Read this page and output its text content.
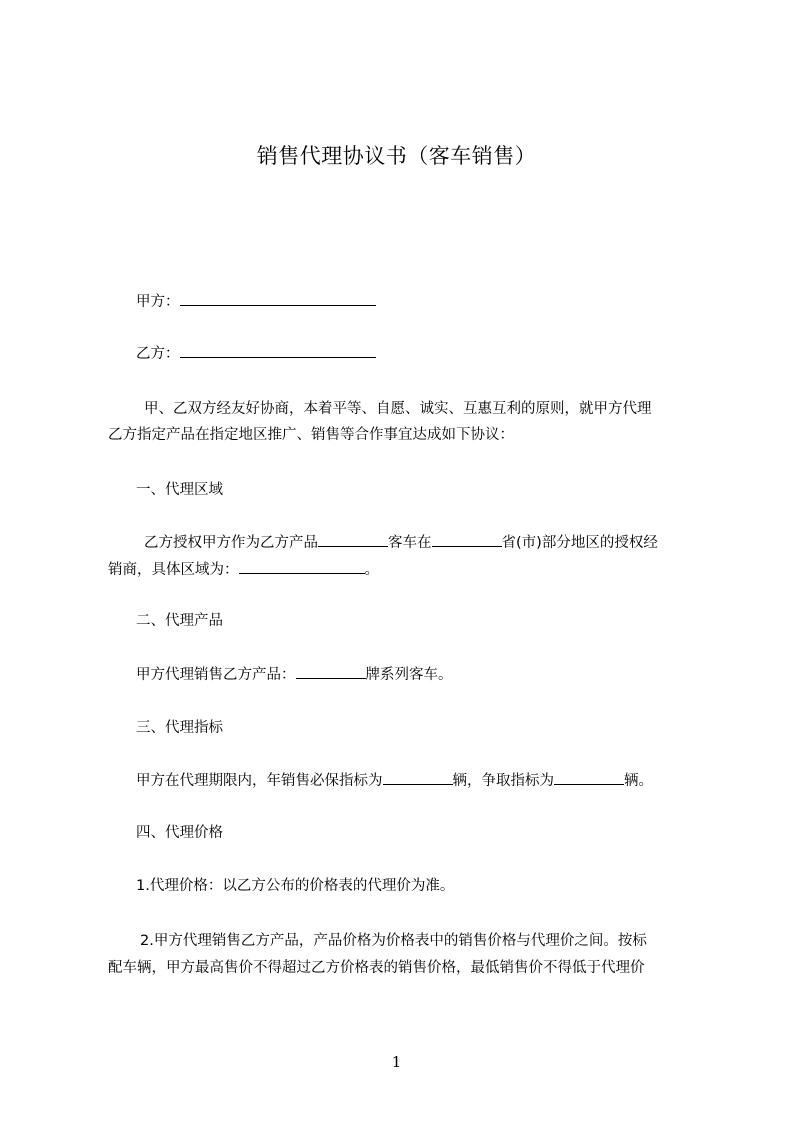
销售代理协议书（客车销售）
甲方：
乙方：
甲、乙双方经友好协商，本着平等、自愿、诚实、互惠互利的原则，就甲方代理
乙方指定产品在指定地区推广、销售等合作事宜达成如下协议：
一、代理区域
乙方授权甲方作为乙方产品	客车在	省(市)部分地区的授权经
销商，具体区域为：	。
二、代理产品
甲方代理销售乙方产品：	牌系列客车。
三、代理指标
甲方在代理期限内，年销售必保指标为	辆，争取指标为	辆。
四、代理价格
1.代理价格：以乙方公布的价格表的代理价为准。
2.甲方代理销售乙方产品，产品价格为价格表中的销售价格与代理价之间。按标
配车辆，甲方最高售价不得超过乙方价格表的销售价格，最低销售价不得低于代理价
1
